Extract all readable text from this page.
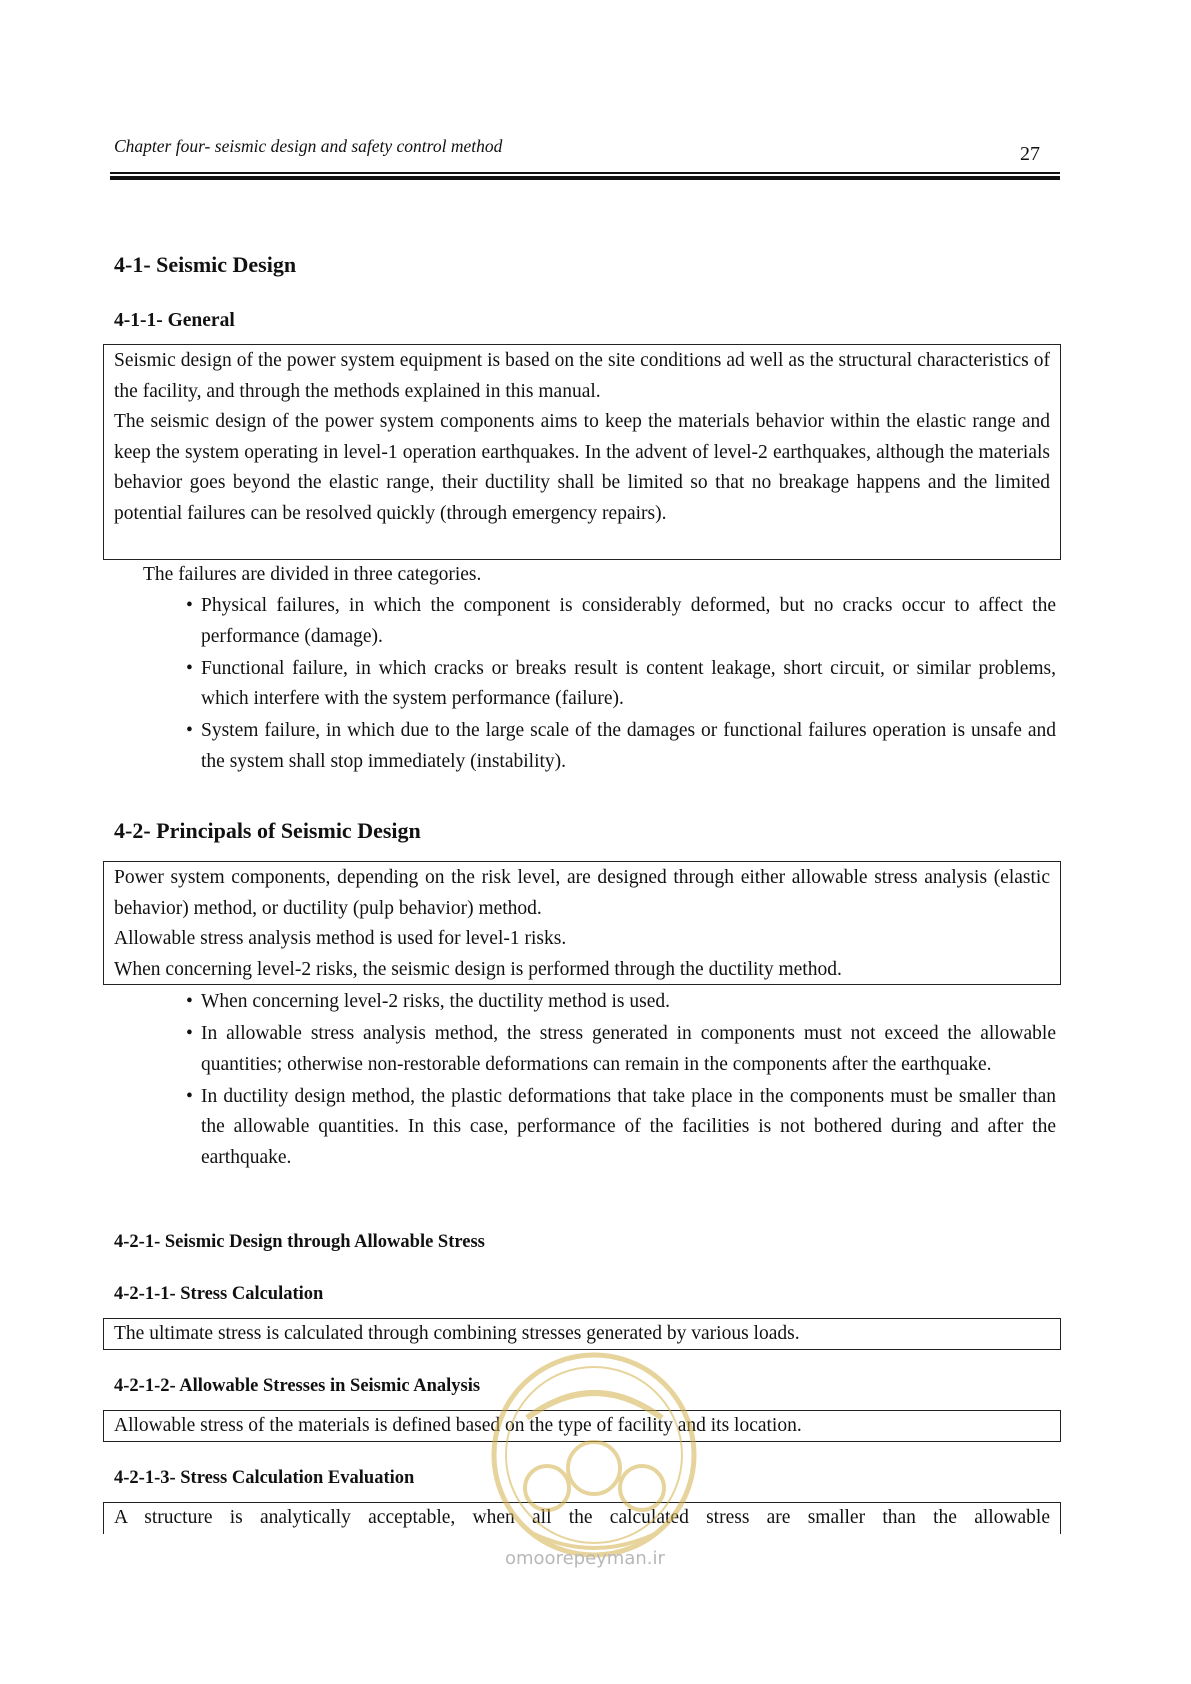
Chapter four- seismic design and safety control method	27
4-1- Seismic Design
4-1-1- General

Seismic design of the power system equipment is based on the site conditions ad well as the structural characteristics of the facility, and through the methods explained in this manual.

The seismic design of the power system components aims to keep the materials behavior within the elastic range and keep the system operating in level-1 operation earthquakes. In the advent of level-2 earthquakes, although the materials behavior goes beyond the elastic range, their ductility shall be limited so that no breakage happens and the limited potential failures can be resolved quickly (through emergency repairs).

The failures are divided in three categories.
• Physical failures, in which the component is considerably deformed, but no cracks occur to affect the performance (damage).
• Functional failure, in which cracks or breaks result is content leakage, short circuit, or similar problems, which interfere with the system performance (failure).
• System failure, in which due to the large scale of the damages or functional failures operation is unsafe and the system shall stop immediately (instability).
4-2- Principals of Seismic Design

Power system components, depending on the risk level, are designed through either allowable stress analysis (elastic behavior) method, or ductility (pulp behavior) method.

Allowable stress analysis method is used for level-1 risks.

When concerning level-2 risks, the seismic design is performed through the ductility method.

• When concerning level-2 risks, the ductility method is used.
• In allowable stress analysis method, the stress generated in components must not exceed the allowable quantities; otherwise non-restorable deformations can remain in the components after the earthquake.
• In ductility design method, the plastic deformations that take place in the components must be smaller than the allowable quantities. In this case, performance of the facilities is not bothered during and after the earthquake.
4-2-1- Seismic Design through Allowable Stress
4-2-1-1- Stress Calculation

The ultimate stress is calculated through combining stresses generated by various loads.

4-2-1-2- Allowable Stresses in Seismic Analysis

Allowable stress of the materials is defined based on the type of facility and its location.

4-2-1-3- Stress Calculation Evaluation

A structure is analytically acceptable, when all the calculated stress are smaller than the allowable

omoorepeyman.ir
